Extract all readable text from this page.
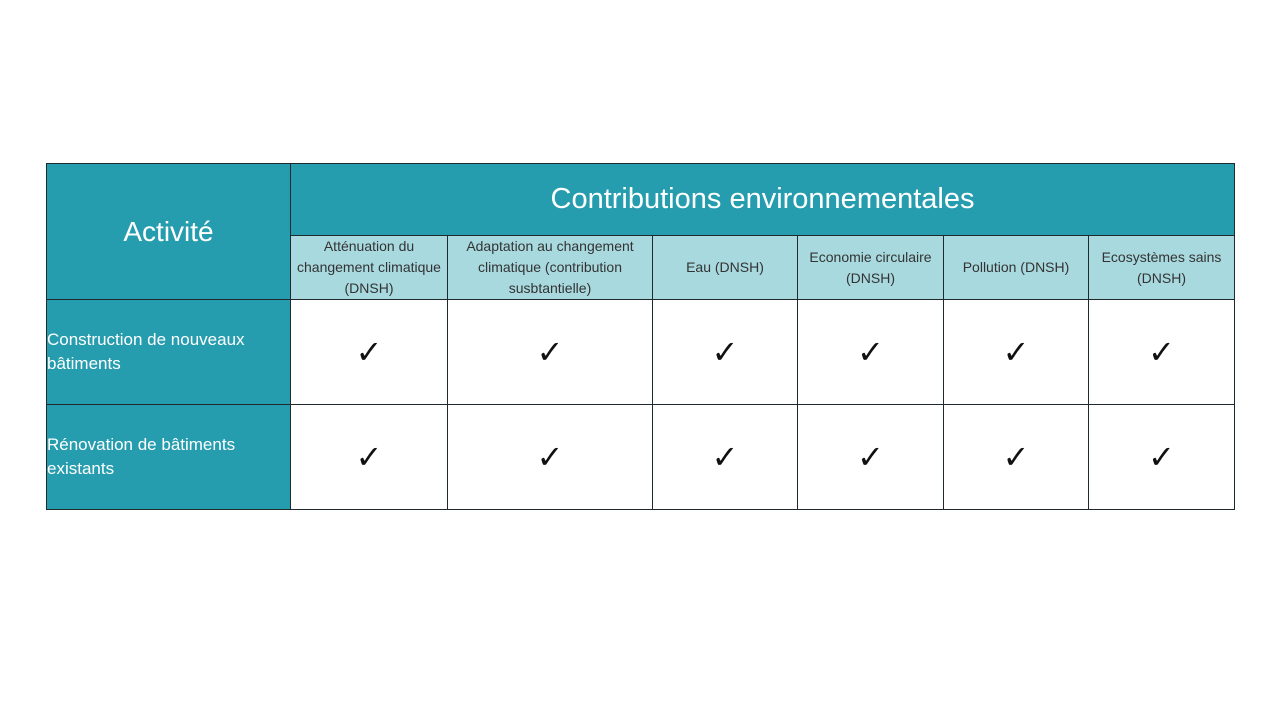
Activité	Contributions environnementales					
	Atténuation du changement climatique (DNSH)	Adaptation au changement climatique (contribution susbtantielle)	Eau (DNSH)	Economie circulaire (DNSH)	Pollution (DNSH)	Ecosystèmes sains (DNSH)
Construction de nouveaux bâtiments	✓	✓	✓	✓	✓	✓
Rénovation de bâtiments existants	✓	✓	✓	✓	✓	✓
